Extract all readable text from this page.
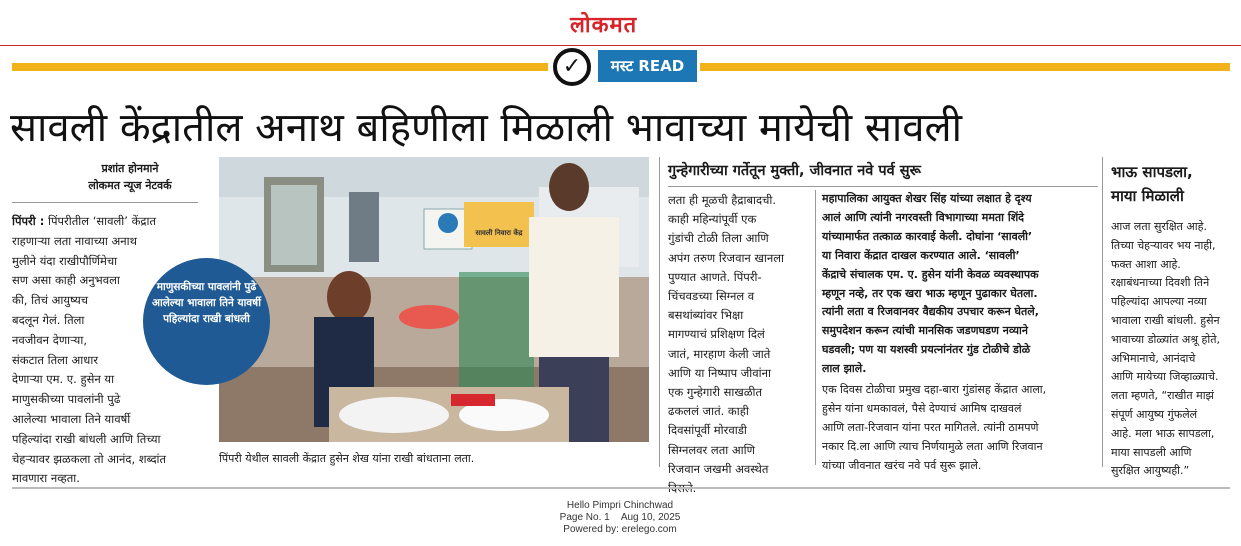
लोकमत
✓	मस्ट READ
सावली केंद्रातील अनाथ बहिणीला मिळाली भावाच्या मायेची सावली
प्रशांत होनमाने
लोकमत न्यूज नेटवर्क
पिंपरी : पिंपरीतील ‘सावली’ केंद्रात
राहणाऱ्या लता नावाच्या अनाथ
मुलीने यंदा राखीपौर्णिमेचा
सण असा काही अनुभवला
की, तिचं आयुष्यच
बदलून गेलं. तिला
नवजीवन देणाऱ्या,
संकटात तिला आधार
देणाऱ्या एम. ए. हुसेन या
माणुसकीच्या पावलांनी पुढे
आलेल्या भावाला तिने यावर्षी
पहिल्यांदा राखी बांधली आणि तिच्या
चेहऱ्यावर झळकला तो आनंद, शब्दांत
मावणारा नव्हता.
सावली निवारा केंद्र
माणुसकीच्या पावलांनी पुढे आलेल्या भावाला तिने यावर्षी पहिल्यांदा राखी बांधली
पिंपरी येथील सावली केंद्रात हुसेन शेख यांना राखी बांधताना लता.
गुन्हेगारीच्या गर्तेतून मुक्ती, जीवनात नवे पर्व सुरू
लता ही मूळची हैद्राबादची.
काही महिन्यांपूर्वी एक
गुंडांची टोळी तिला आणि
अपंग तरुण रिजवान खानला
पुण्यात आणते. पिंपरी-
चिंचवडच्या सिग्नल व
बसथांब्यांवर भिक्षा
मागण्याचं प्रशिक्षण दिलं
जातं, मारहाण केली जाते
आणि या निष्पाप जीवांना
एक गुन्हेगारी साखळीत
ढकललं जातं. काही
दिवसांपूर्वी मोरवाडी
सिग्नलवर लता आणि
रिजवान जखमी अवस्थेत
महापालिका आयुक्त शेखर सिंह यांच्या लक्षात हे दृश्य
आलं आणि त्यांनी नगरवस्ती विभागाच्या ममता शिंदे
यांच्यामार्फत तत्काळ कारवाई केली. दोघांना ‘सावली’
या निवारा केंद्रात दाखल करण्यात आले. ‘सावली’
केंद्राचे संचालक एम. ए. हुसेन यांनी केवळ व्यवस्थापक
म्हणून नव्हे, तर एक खरा भाऊ म्हणून पुढाकार घेतला.
त्यांनी लता व रिजवानवर वैद्यकीय उपचार करून घेतले,
समुपदेशन करून त्यांची मानसिक जडणघडण नव्याने
घडवली; पण या यशस्वी प्रयत्नांनंतर गुंड टोळीचे डोळे
लाल झाले.
एक दिवस टोळीचा प्रमुख दहा-बारा गुंडांसह केंद्रात आला,
हुसेन यांना धमकावलं, पैसे देण्याचं आमिष दाखवलं
आणि लता-रिजवान यांना परत मागितले. त्यांनी ठामपणे
नकार दि.ला आणि त्याच निर्णयामुळे लता आणि रिजवान
यांच्या जीवनात खरंच नवे पर्व सुरू झाले.
भाऊ सापडला,
माया मिळाली
आज लता सुरक्षित आहे.
तिच्या चेहऱ्यावर भय नाही,
फक्त आशा आहे.
रक्षाबंधनाच्या दिवशी तिने
पहिल्यांदा आपल्या नव्या
भावाला राखी बांधली. हुसेन
भावाच्या डोळ्यांत अश्रू होते,
अभिमानाचे, आनंदाचे
आणि मायेच्या जिव्हाळ्याचे.
लता म्हणते, “राखीत माझं
संपूर्ण आयुष्य गुंफलेलं
आहे. मला भाऊ सापडला,
माया सापडली आणि
सुरक्षित आयुष्यही.”
Hello Pimpri Chinchwad
Page No. 1 Aug 10, 2025
Powered by: erelego.com
